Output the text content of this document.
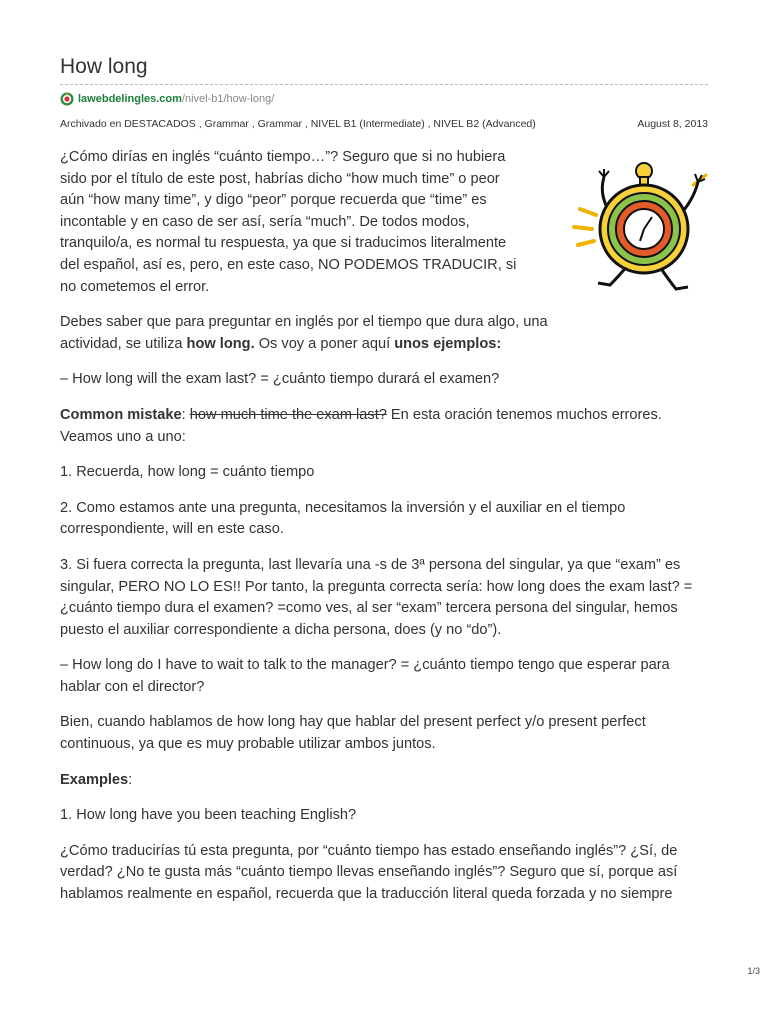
How long
lawebdelingles.com /nivel-b1/how-long/
Archivado en DESTACADOS , Grammar , Grammar , NIVEL B1 (Intermediate) , NIVEL B2 (Advanced)	August 8, 2013

¿Cómo dirías en inglés “cuánto tiempo…”? Seguro que si no hubiera sido por el título de este post, habrías dicho “how much time” o peor aún “how many time”, y digo “peor” porque recuerda que “time” es incontable y en caso de ser así, sería “much”. De todos modos, tranquilo/a, es normal tu respuesta, ya que si traducimos literalmente del español, así es, pero, en este caso, NO PODEMOS TRADUCIR, si no cometemos el error.

Debes saber que para preguntar en inglés por el tiempo que dura algo, una actividad, se utiliza how long. Os voy a poner aquí unos ejemplos:

– How long will the exam last? = ¿cuánto tiempo durará el examen?

Common mistake: how much time the exam last? En esta oración tenemos muchos errores. Veamos uno a uno:

1. Recuerda, how long = cuánto tiempo

2. Como estamos ante una pregunta, necesitamos la inversión y el auxiliar en el tiempo correspondiente, will en este caso.

3. Si fuera correcta la pregunta, last llevaría una -s de 3ª persona del singular, ya que “exam” es singular, PERO NO LO ES!! Por tanto, la pregunta correcta sería: how long does the exam last? = ¿cuánto tiempo dura el examen? =como ves, al ser “exam” tercera persona del singular, hemos puesto el auxiliar correspondiente a dicha persona, does (y no “do”).

– How long do I have to wait to talk to the manager? = ¿cuánto tiempo tengo que esperar para hablar con el director?

Bien, cuando hablamos de how long hay que hablar del present perfect y/o present perfect continuous, ya que es muy probable utilizar ambos juntos.

Examples:

1. How long have you been teaching English?

¿Cómo traducirías tú esta pregunta, por “cuánto tiempo has estado enseñando inglés”? ¿Sí, de verdad? ¿No te gusta más “cuánto tiempo llevas enseñando inglés”? Seguro que sí, porque así hablamos realmente en español, recuerda que la traducción literal queda forzada y no siempre

1/3
